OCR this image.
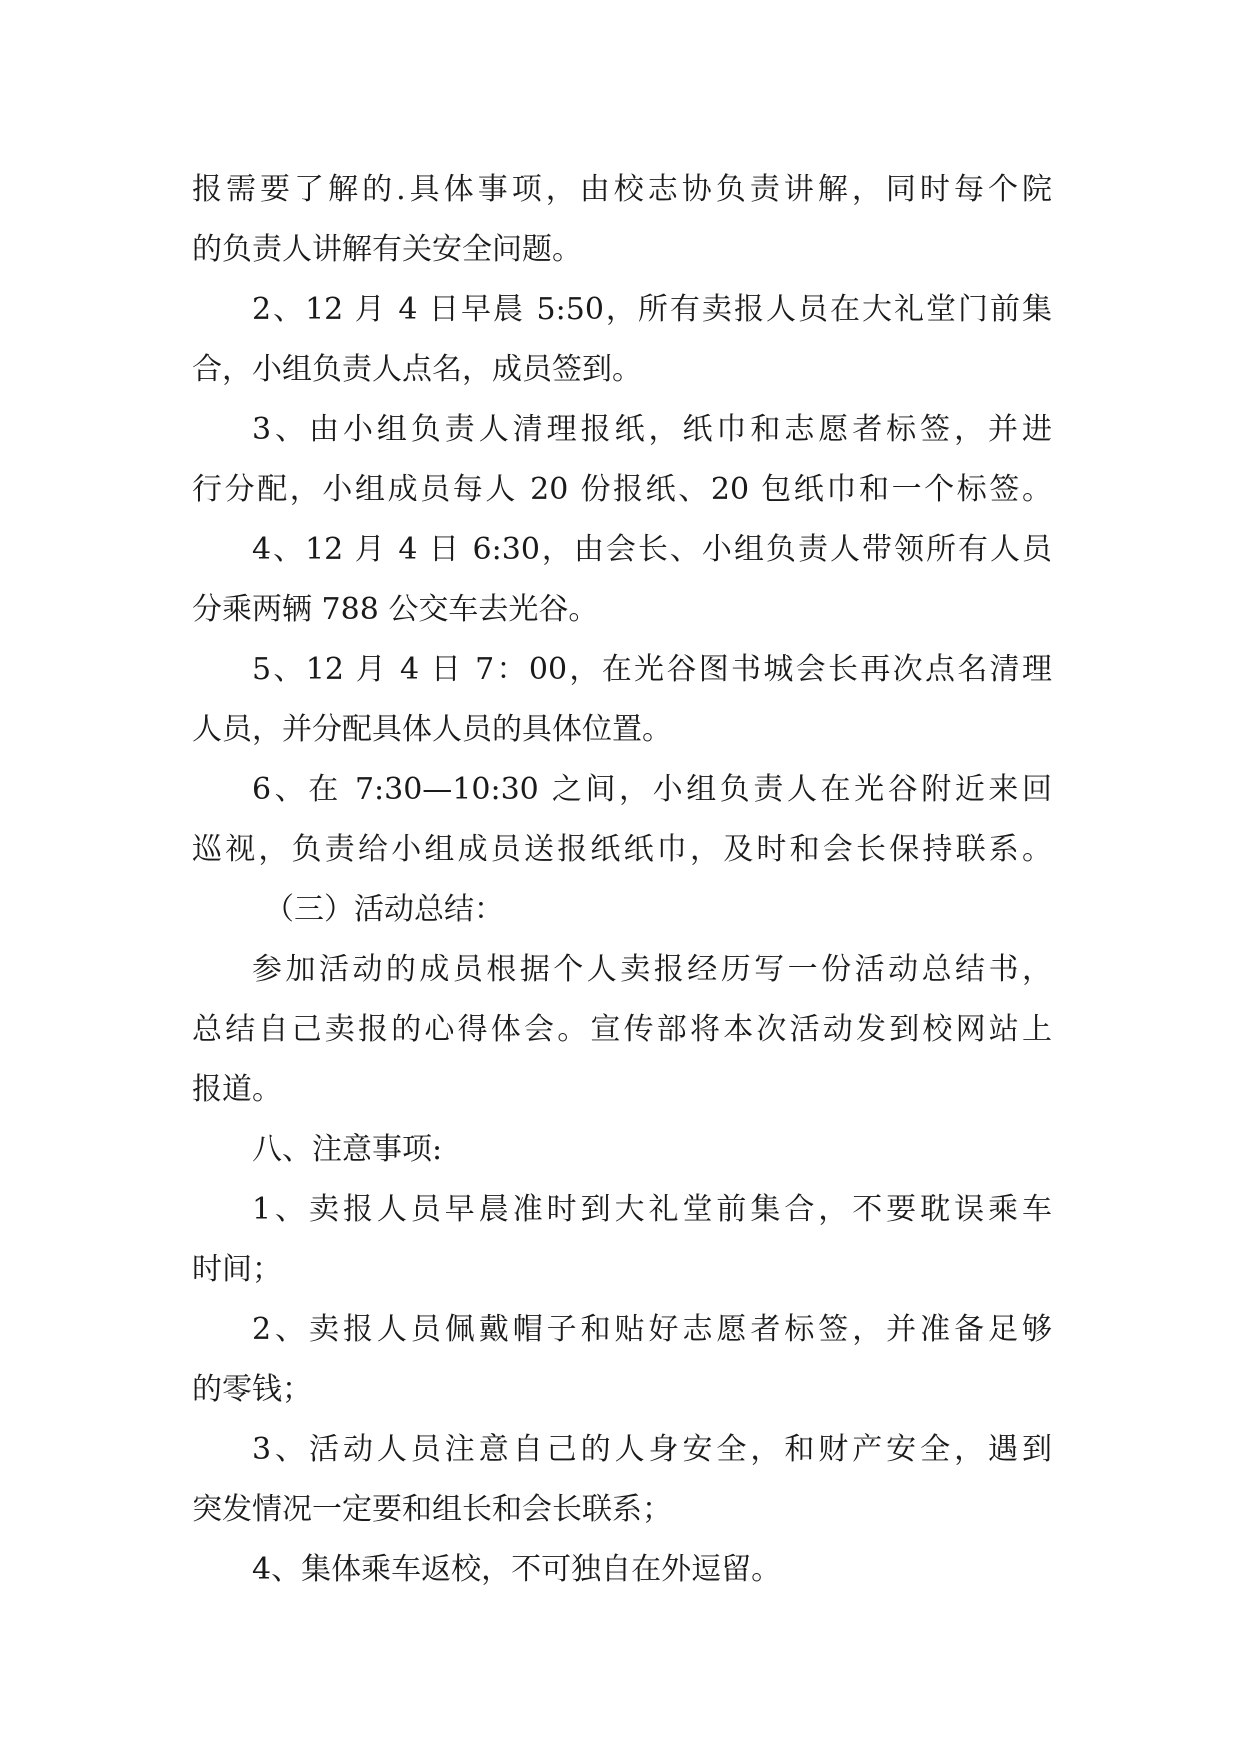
报需要了解的.具体事项，由校志协负责讲解，同时每个院
的负责人讲解有关安全问题。
2、12 月 4 日早晨 5:50，所有卖报人员在大礼堂门前集
合，小组负责人点名，成员签到。
3、由小组负责人清理报纸，纸巾和志愿者标签，并进
行分配，小组成员每人 20 份报纸、20 包纸巾和一个标签。
4、12 月 4 日 6:30，由会长、小组负责人带领所有人员
分乘两辆 788 公交车去光谷。
5、12 月 4 日 7：00，在光谷图书城会长再次点名清理
人员，并分配具体人员的具体位置。
6、在 7:30—10:30 之间，小组负责人在光谷附近来回
巡视，负责给小组成员送报纸纸巾，及时和会长保持联系。
（三）活动总结：
参加活动的成员根据个人卖报经历写一份活动总结书，
总结自己卖报的心得体会。宣传部将本次活动发到校网站上
报道。
八、注意事项:
1、卖报人员早晨准时到大礼堂前集合，不要耽误乘车
时间；
2、卖报人员佩戴帽子和贴好志愿者标签，并准备足够
的零钱；
3、活动人员注意自己的人身安全，和财产安全，遇到
突发情况一定要和组长和会长联系；
4、集体乘车返校，不可独自在外逗留。
